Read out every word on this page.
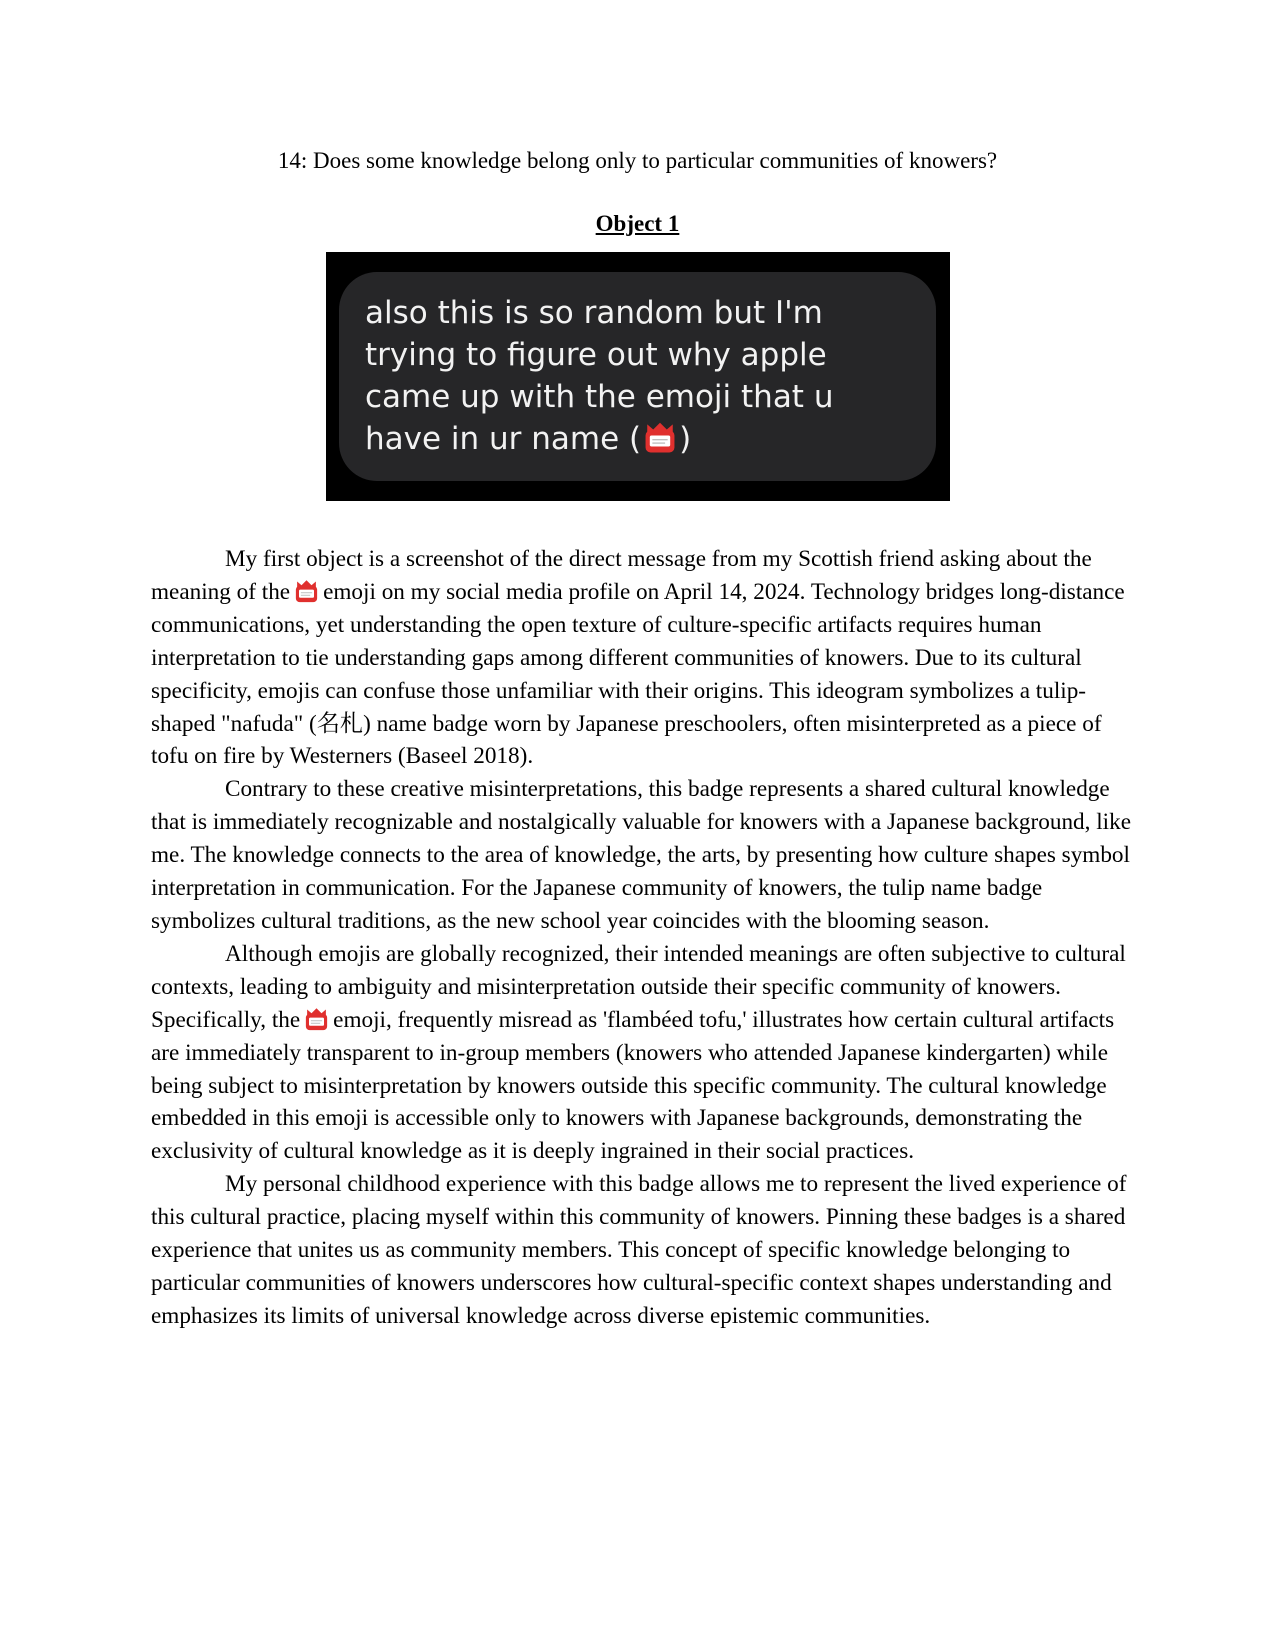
14: Does some knowledge belong only to particular communities of knowers?
Object 1
also this is so random but I'm trying to figure out why apple came up with the emoji that u have in ur name ( )

My first object is a screenshot of the direct message from my Scottish friend asking about the meaning of the emoji on my social media profile on April 14, 2024. Technology bridges long-distance communications, yet understanding the open texture of culture-specific artifacts requires human interpretation to tie understanding gaps among different communities of knowers. Due to its cultural specificity, emojis can confuse those unfamiliar with their origins. This ideogram symbolizes a tulip-shaped "nafuda" (名札) name badge worn by Japanese preschoolers, often misinterpreted as a piece of tofu on fire by Westerners (Baseel 2018).

Contrary to these creative misinterpretations, this badge represents a shared cultural knowledge that is immediately recognizable and nostalgically valuable for knowers with a Japanese background, like me. The knowledge connects to the area of knowledge, the arts, by presenting how culture shapes symbol interpretation in communication. For the Japanese community of knowers, the tulip name badge symbolizes cultural traditions, as the new school year coincides with the blooming season.

Although emojis are globally recognized, their intended meanings are often subjective to cultural contexts, leading to ambiguity and misinterpretation outside their specific community of knowers. Specifically, the emoji, frequently misread as 'flambéed tofu,' illustrates how certain cultural artifacts are immediately transparent to in-group members (knowers who attended Japanese kindergarten) while being subject to misinterpretation by knowers outside this specific community. The cultural knowledge embedded in this emoji is accessible only to knowers with Japanese backgrounds, demonstrating the exclusivity of cultural knowledge as it is deeply ingrained in their social practices.

My personal childhood experience with this badge allows me to represent the lived experience of this cultural practice, placing myself within this community of knowers. Pinning these badges is a shared experience that unites us as community members. This concept of specific knowledge belonging to particular communities of knowers underscores how cultural-specific context shapes understanding and emphasizes its limits of universal knowledge across diverse epistemic communities.
